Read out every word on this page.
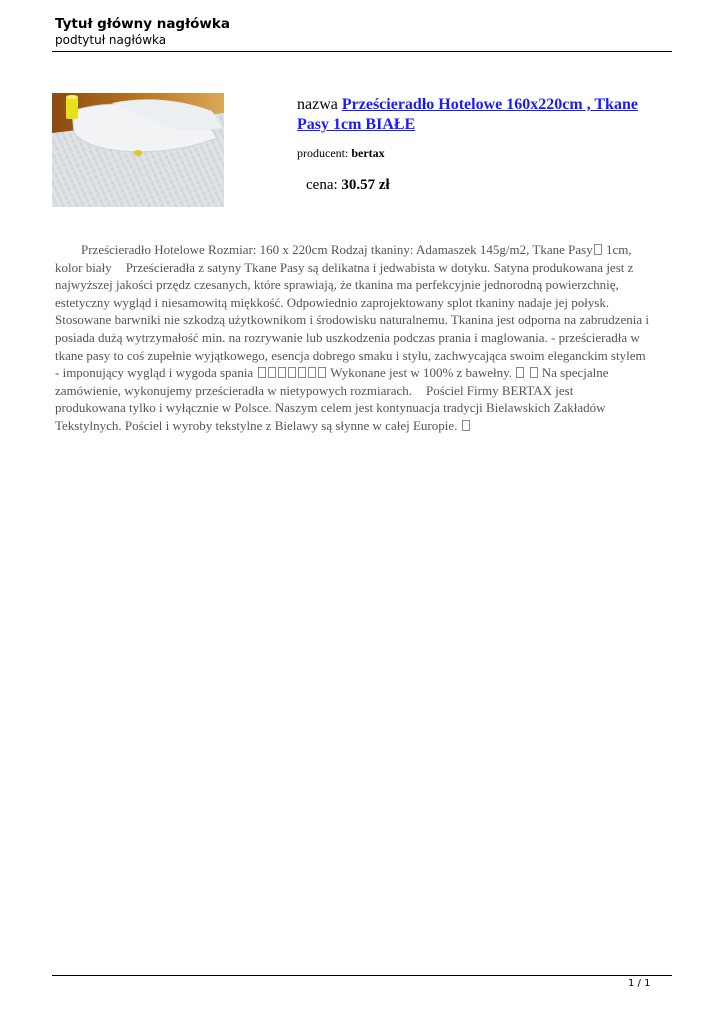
Tytuł główny nagłówka
podtytuł nagłówka
nazwa Prześcieradło Hotelowe 160x220cm , Tkane
Pasy 1cm BIAŁE
producent: bertax
cena: 30.57 zł
Prześcieradło Hotelowe Rozmiar: 160 x 220cm Rodzaj tkaniny: Adamaszek 145g/m2, Tkane Pasy 1cm,
kolor biały Prześcieradła z satyny Tkane Pasy są delikatna i jedwabista w dotyku. Satyna produkowana jest z
najwyższej jakości przędz czesanych, które sprawiają, że tkanina ma perfekcyjnie jednorodną powierzchnię,
estetyczny wygląd i niesamowitą miękkość. Odpowiednio zaprojektowany splot tkaniny nadaje jej połysk.
Stosowane barwniki nie szkodzą użytkownikom i środowisku naturalnemu. Tkanina jest odporna na zabrudzenia i
posiada dużą wytrzymałość min. na rozrywanie lub uszkodzenia podczas prania i maglowania. - prześcieradła w
tkane pasy to coś zupełnie wyjątkowego, esencja dobrego smaku i stylu, zachwycająca swoim eleganckim stylem
- imponujący wygląd i wygoda spania	Wykonane jest w 100% z bawełny. Na specjalne
zamówienie, wykonujemy prześcieradła w nietypowych rozmiarach. Pościel Firmy BERTAX jest
produkowana tylko i wyłącznie w Polsce. Naszym celem jest kontynuacja tradycji Bielawskich Zakładów
Tekstylnych. Pościel i wyroby tekstylne z Bielawy są słynne w całej Europie.
1 / 1
